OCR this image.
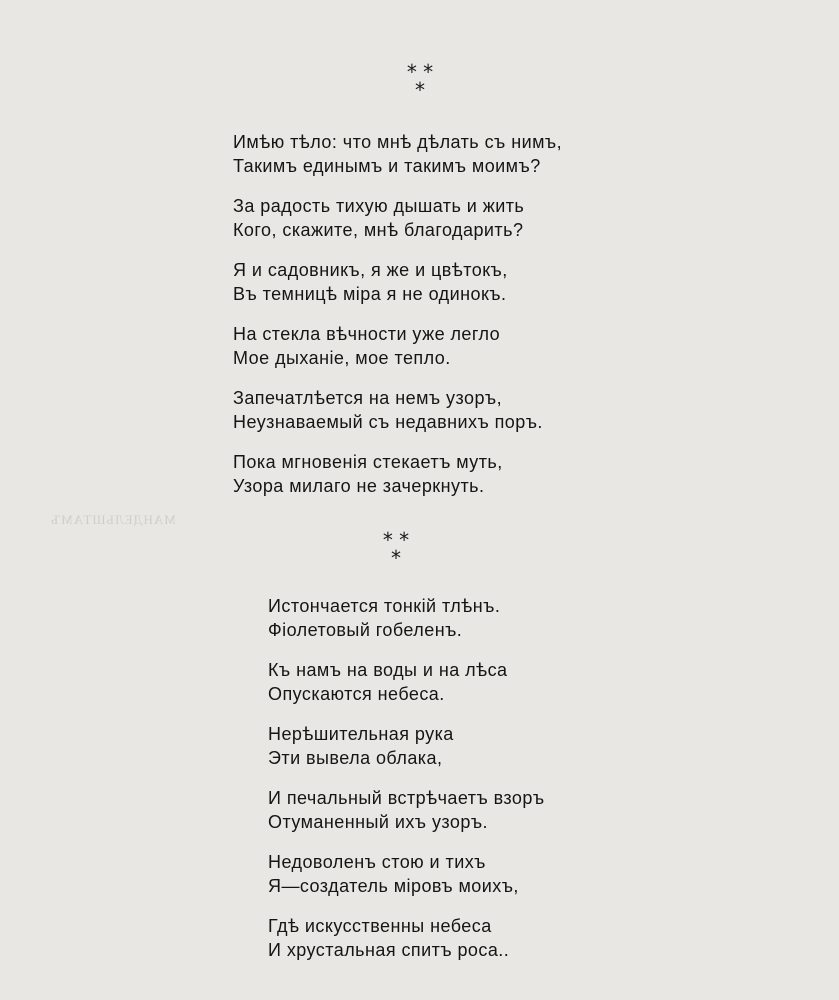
МАНДЕЛЬШТАМЪ
* *
*
Имѣю тѣло: что мнѣ дѣлать съ нимъ,
Такимъ единымъ и такимъ моимъ?
За радость тихую дышать и жить
Кого, скажите, мнѣ благодарить?
Я и садовникъ, я же и цвѣтокъ,
Въ темницѣ міра я не одинокъ.
На стекла вѣчности уже легло
Мое дыханіе, мое тепло.
Запечатлѣется на немъ узоръ,
Неузнаваемый съ недавнихъ поръ.
Пока мгновенія стекаетъ муть,
Узора милаго не зачеркнуть.
* *
*
Истончается тонкій тлѣнъ.
Фіолетовый гобеленъ.
Къ намъ на воды и на лѣса
Опускаются небеса.
Нерѣшительная рука
Эти вывела облака,
И печальный встрѣчаетъ взоръ
Отуманенный ихъ узоръ.
Недоволенъ стою и тихъ
Я—создатель міровъ моихъ,
Гдѣ искусственны небеса
И хрустальная спитъ роса..
